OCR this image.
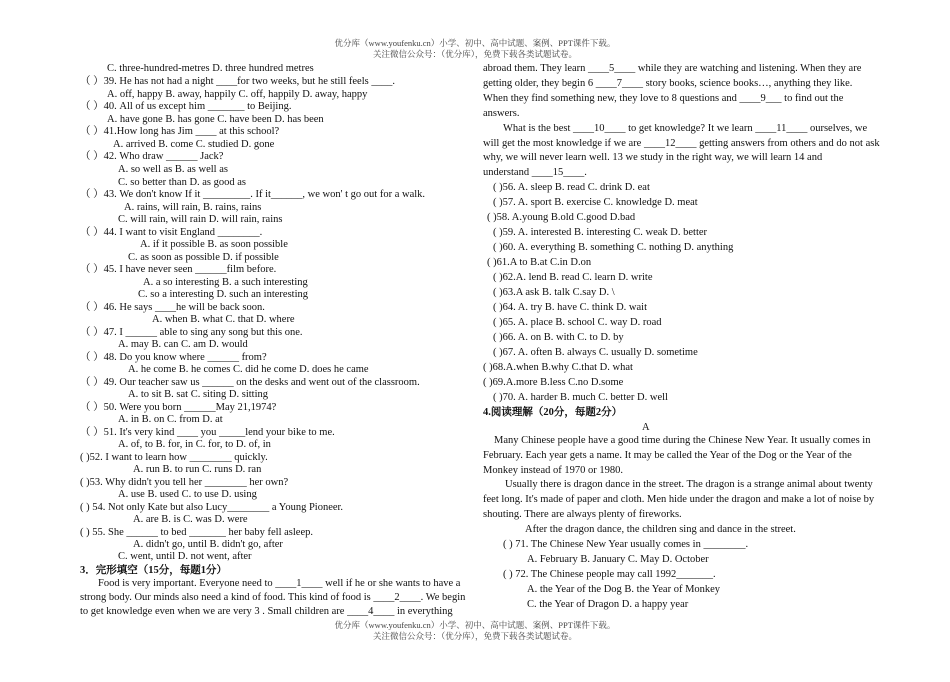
优分库（www.youfenku.cn）小学、初中、高中试题、案例、PPT课件下载。
关注微信公众号：（优分库），免费下载各类试题试卷。
优分库（www.youfenku.cn）小学、初中、高中试题、案例、PPT课件下载。
关注微信公众号：（优分库），免费下载各类试题试卷。
C. three-hundred-metres D. three hundred metres
（ ）39. He has not had a night ____for two weeks, but he still feels ____.
A. off, happy B. away, happily C. off, happily D. away, happy
（ ）40. All of us except him _______ to Beijing.
A. have gone B. has gone C. have been D. has been
（ ）41.How long has Jim ____ at this school?
A. arrived B. come C. studied D. gone
（ ）42. Who draw ______ Jack?
A. so well as B. as well as
C. so better than D. as good as
（ ）43. We don't know If it _________. If it______, we won' t go out for a walk.
A. rains, will rain, B. rains, rains
C. will rain, will rain D. will rain, rains
（ ）44. I want to visit England ________.
A. if it possible B. as soon possible
C. as soon as possible D. if possible
（ ）45. I have never seen ______film before.
A. a so interesting B. a such interesting
C. so a interesting D. such an interesting
（ ）46. He says ____he will be back soon.
A. when B. what C. that D. where
（ ）47. I ______ able to sing any song but this one.
A. may B. can C. am D. would
（ ）48. Do you know where ______ from?
A. he come B. he comes C. did he come D. does he came
（ ）49. Our teacher saw us ______ on the desks and went out of the classroom.
A. to sit B. sat C. siting D. sitting
（ ）50. Were you born ______May 21,1974?
A. in B. on C. from D. at
（ ）51. It's very kind ____ you _____lend your bike to me.
A. of, to B. for, in C. for, to D. of, in
( )52. I want to learn how ________ quickly.
A. run B. to run C. runs D. ran
( )53. Why didn't you tell her ________ her own?
A. use B. used C. to use D. using
( ) 54. Not only Kate but also Lucy________ a Young Pioneer.
A. are B. is C. was D. were
( ) 55. She ______ to bed _______ her baby fell asleep.
A. didn't go, until B. didn't go, after
C. went, until D. not went, after
3．完形填空（15分，每题1分）
Food is very important. Everyone need to ____1____ well if he or she wants to have a
strong body. Our minds also need a kind of food. This kind of food is ____2____. We begin
to get knowledge even when we are very 3 . Small children are ____4____ in everything
abroad them. They learn ____5____ while they are watching and listening. When they are
getting older, they begin 6 ____7____ story books, science books…, anything they like.
When they find something new, they love to 8 questions and ____9___ to find out the
answers.
What is the best ____10____ to get knowledge? It we learn ____11____ ourselves, we
will get the most knowledge if we are ____12____ getting answers from others and do not ask
why, we will never learn well. 13 we study in the right way, we will learn 14 and
understand ____15____.
( )56. A. sleep B. read C. drink D. eat
( )57. A. sport B. exercise C. knowledge D. meat
( )58. A.young B.old C.good D.bad
( )59. A. interested B. interesting C. weak D. better
( )60. A. everything B. something C. nothing D. anything
( )61.A to B.at C.in D.on
( )62.A. lend B. read C. learn D. write
( )63.A ask B. talk C.say D. \
( )64. A. try B. have C. think D. wait
( )65. A. place B. school C. way D. road
( )66. A. on B. with C. to D. by
( )67. A. often B. always C. usually D. sometime
( )68.A.when B.why C.that D. what
( )69.A.more B.less C.no D.some
( )70. A. harder B. much C. better D. well
4.阅读理解（20分，每题2分）
A
Many Chinese people have a good time during the Chinese New Year. It usually comes in
February. Each year gets a name. It may be called the Year of the Dog or the Year of the
Monkey instead of 1970 or 1980.
Usually there is dragon dance in the street. The dragon is a strange animal about twenty
feet long. It's made of paper and cloth. Men hide under the dragon and make a lot of noise by
shouting. There are always plenty of fireworks.
After the dragon dance, the children sing and dance in the street.
( ) 71. The Chinese New Year usually comes in ________.
A. February B. January C. May D. October
( ) 72. The Chinese people may call 1992_______.
A. the Year of the Dog B. the Year of Monkey
C. the Year of Dragon D. a happy year
